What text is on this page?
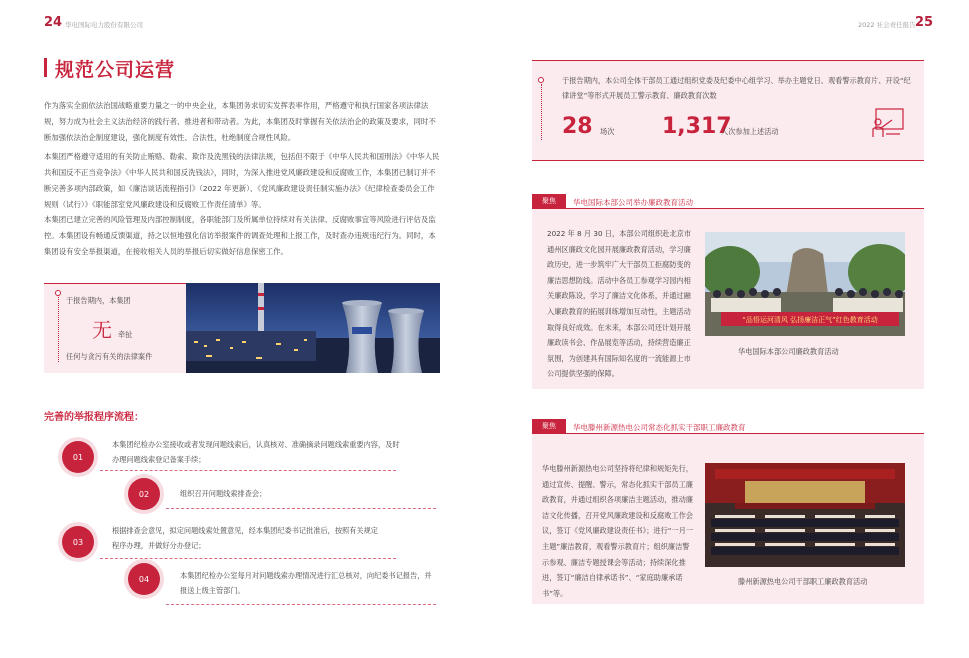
24 华电国际电力股份有限公司
规范公司运营
作为落实全面依法治国战略重要力量之一的中央企业，本集团务求切实发挥表率作用，严格遵守和执行国家各项法律法规，努力成为社会主义法治经济的践行者、推进者和带动者。为此，本集团及时掌握有关依法治企的政策及要求，同时不断加强依法治企制度建设，强化制度有效性、合法性，杜绝制度合规性风险。
本集团严格遵守适用的有关防止贿赂、勒索、欺诈及洗黑钱的法律法规，包括但不限于《中华人民共和国刑法》《中华人民共和国反不正当竞争法》《中华人民共和国反洗钱法》，同时，为深入推进党风廉政建设和反腐败工作，本集团已制订并不断完善多项内部政策，如《廉洁谈话流程指引》（2022 年更新）、《党风廉政建设责任制实施办法》《纪律检查委员会工作规则（试行）》《职能部室党风廉政建设和反腐败工作责任清单》等。
本集团已建立完善的风险管理及内部控制制度，各职能部门及所属单位持续对有关法律、反腐败事宜等风险进行评估及监控。本集团设有畅通反馈渠道，持之以恒地强化信访举报案件的调查处理和上报工作，及时查办违规违纪行为。同时，本集团设有安全举报渠道，在接收相关人员的举报后切实做好信息保密工作。
于报告期内，本集团
无 牵扯
任何与贪污有关的法律案件
完善的举报程序流程：
01
本集团纪检办公室接收或者发现问题线索后，认真核对、准确摘录问题线索重要内容，及时办理问题线索登记备案手续；
02	组织召开问题线索排查会；
03
根据排查会意见，拟定问题线索处置意见，经本集团纪委书记批准后，按照有关规定程序办理，并做好分办登记；
04	本集团纪检办公室每月对问题线索办理情况进行汇总核对，向纪委书记报告，并报送上级主管部门。
2022 社会责任报告 25
于报告期内，本公司全体干部员工通过组织党委及纪委中心组学习、举办主题党日、观看警示教育片、开设“纪律讲堂”等形式开展员工警示教育、廉政教育次数
28 场次 1,317
人次参加上述活动
聚焦	华电国际本部公司举办廉政教育活动
2022 年 8 月 30 日，本部公司组织赴北京市通州区廉政文化园开展廉政教育活动，学习廉政历史，进一步筑牢广大干部员工拒腐防变的廉洁思想防线。活动中各员工参观学习园内相关廉政陈设，学习了廉洁文化体系，并通过融入廉政教育的拓展训练增加互动性，主题活动取得良好成效。在未来，本部公司还计划开展廉政读书会、作品展览等活动，持续营造廉正氛围，为创建具有国际知名度的一流能源上市公司提供坚强的保障。
“品悟运河清风 弘扬廉洁正气”红色教育活动
华电国际本部公司廉政教育活动
聚焦	华电滕州新源热电公司常态化抓实干部职工廉政教育
华电滕州新源热电公司坚持将纪律和规矩先行，通过宣传、提醒、警示，常态化抓实干部员工廉政教育，并通过组织各项廉洁主题活动，推动廉洁文化传播，召开党风廉政建设和反腐败工作会议，签订《党风廉政建设责任书》；进行“一月一主题”廉洁教育，观看警示教育片；组织廉洁警示参观、廉洁专题授课会等活动；持续深化推进，签订“廉洁自律承诺书”、“家庭助廉承诺书”等。
滕州新源热电公司干部职工廉政教育活动
